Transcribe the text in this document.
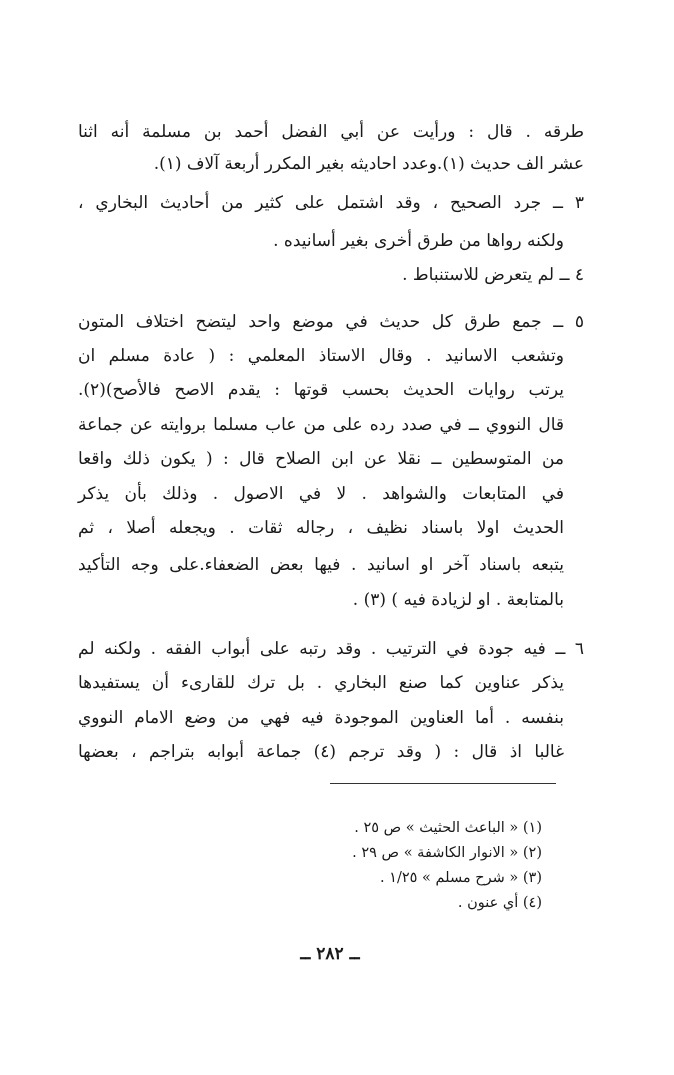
طرقه . قال : ورأيت عن أبي الفضل أحمد بن مسلمة أنه اثنا
عشر الف حديث (١).وعدد احاديثه بغير المكرر أربعة آلاف (١).
٣ ــ جرد الصحيح ، وقد اشتمل على كثير من أحاديث البخاري ،
ولكنه رواها من طرق أخرى بغير أسانيده .
٤ ــ لم يتعرض للاستنباط .
٥ ــ جمع طرق كل حديث في موضع واحد ليتضح اختلاف المتون
وتشعب الاسانيد . وقال الاستاذ المعلمي : ( عادة مسلم ان
يرتب روايات الحديث بحسب قوتها : يقدم الاصح فالأصح)(٢).
قال النووي ــ في صدد رده على من عاب مسلما بروايته عن جماعة
من المتوسطين ــ نقلا عن ابن الصلاح قال : ( يكون ذلك واقعا
في المتابعات والشواهد . لا في الاصول . وذلك بأن يذكر
الحديث اولا باسناد نظيف ، رجاله ثقات . ويجعله أصلا ، ثم
يتبعه باسناد آخر او اسانيد . فيها بعض الضعفاء.على وجه التأكيد
بالمتابعة . او لزيادة فيه ) (٣) .
٦ ــ فيه جودة في الترتيب . وقد رتبه على أبواب الفقه . ولكنه لم
يذكر عناوين كما صنع البخاري . بل ترك للقارىء أن يستفيدها
بنفسه . أما العناوين الموجودة فيه فهي من وضع الامام النووي
غالبا اذ قال : ( وقد ترجم (٤) جماعة أبوابه بتراجم ، بعضها
(١) « الباعث الحثيث » ص ٢٥ .
(٢) « الانوار الكاشفة » ص ٢٩ .
(٣) « شرح مسلم » ١/٢٥ .
(٤) أي عنون .
ــ ٢٨٢ ــ
